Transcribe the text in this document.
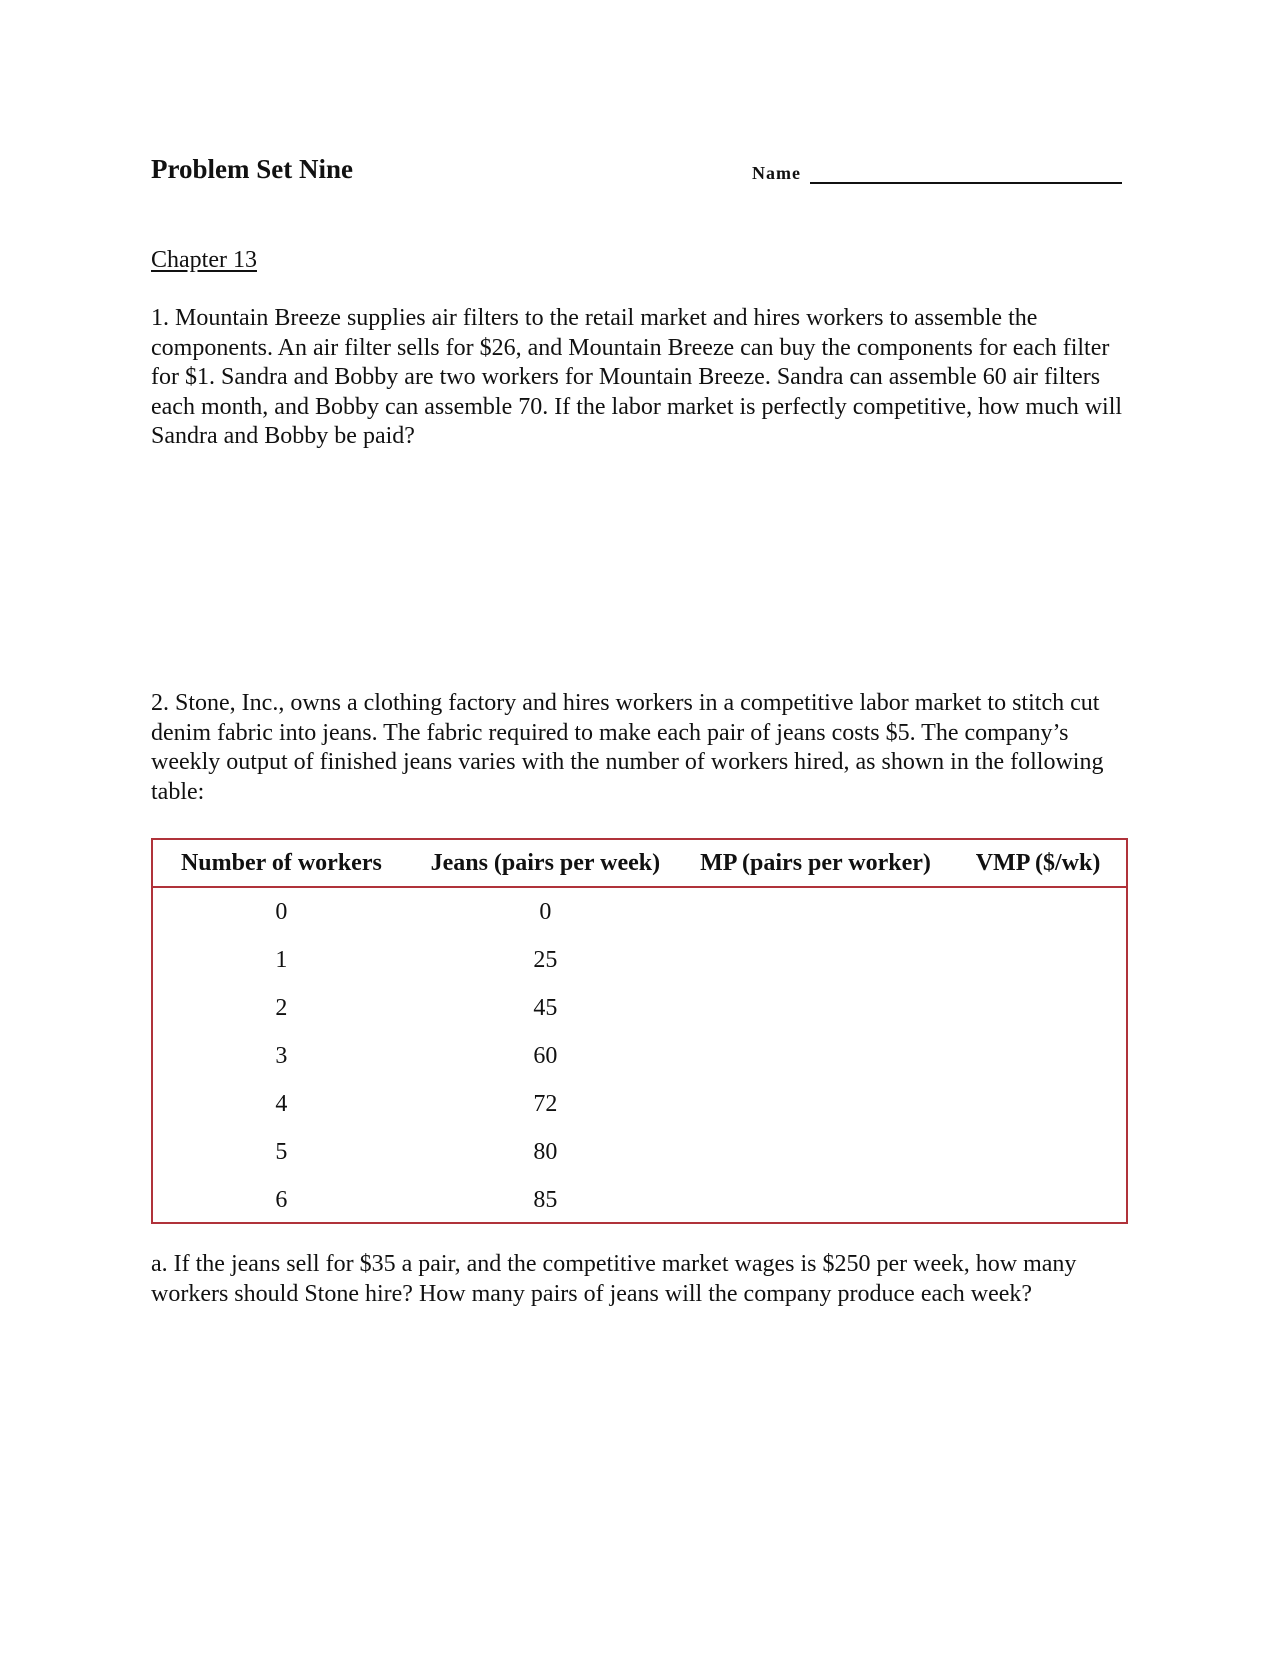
Problem Set Nine	Name
Chapter 13

1. Mountain Breeze supplies air filters to the retail market and hires workers to assemble the components. An air filter sells for $26, and Mountain Breeze can buy the components for each filter for $1. Sandra and Bobby are two workers for Mountain Breeze. Sandra can assemble 60 air filters each month, and Bobby can assemble 70. If the labor market is perfectly competitive, how much will Sandra and Bobby be paid?

2. Stone, Inc., owns a clothing factory and hires workers in a competitive labor market to stitch cut denim fabric into jeans. The fabric required to make each pair of jeans costs $5. The company’s weekly output of finished jeans varies with the number of workers hired, as shown in the following table:

Number of workers	Jeans (pairs per week)	MP (pairs per worker)	VMP ($/wk)
0	0		
1	25		
2	45		
3	60		
4	72		
5	80		
6	85		

a. If the jeans sell for $35 a pair, and the competitive market wages is $250 per week, how many workers should Stone hire? How many pairs of jeans will the company produce each week?
